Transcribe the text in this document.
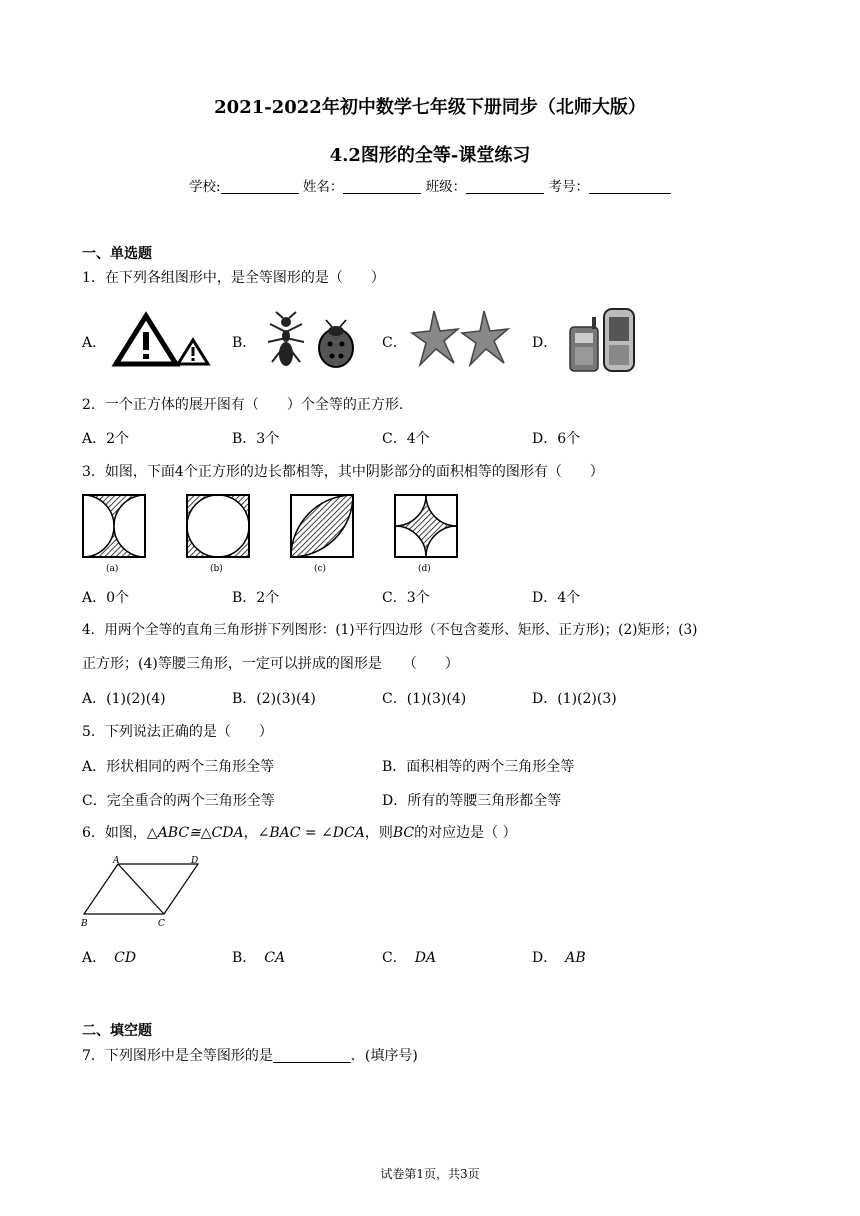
2021-2022年初中数学七年级下册同步（北师大版）
4.2图形的全等-课堂练习
学校:	姓名：	班级：	考号：
一、单选题
1．在下列各组图形中，是全等图形的是（　　）
A．	B．	C．	D．
2．一个正方体的展开图有（　　）个全等的正方形．
A．2个	B．3个	C．4个	D．6个
3．如图，下面4个正方形的边长都相等，其中阴影部分的面积相等的图形有（　　）
(a)	(b)	(c)	(d)
A．0个	B．2个	C．3个	D．4个
4．用两个全等的直角三角形拼下列图形：(1)平行四边形（不包含菱形、矩形、正方形)；(2)矩形；(3)
正方形；(4)等腰三角形，一定可以拼成的图形是　　（　　）
A．(1)(2)(4)	B．(2)(3)(4)	C．(1)(3)(4)	D．(1)(2)(3)
5．下列说法正确的是（　　）
A．形状相同的两个三角形全等	B．面积相等的两个三角形全等
C．完全重合的两个三角形全等	D．所有的等腰三角形都全等
6．如图，△ABC≅△CDA，∠BAC = ∠DCA，则BC的对应边是（ ）
A	D
B	C
A． CD	B． CA	C． DA	D． AB
二、填空题
7．下列图形中是全等图形的是	．(填序号)
试卷第1页，共3页
